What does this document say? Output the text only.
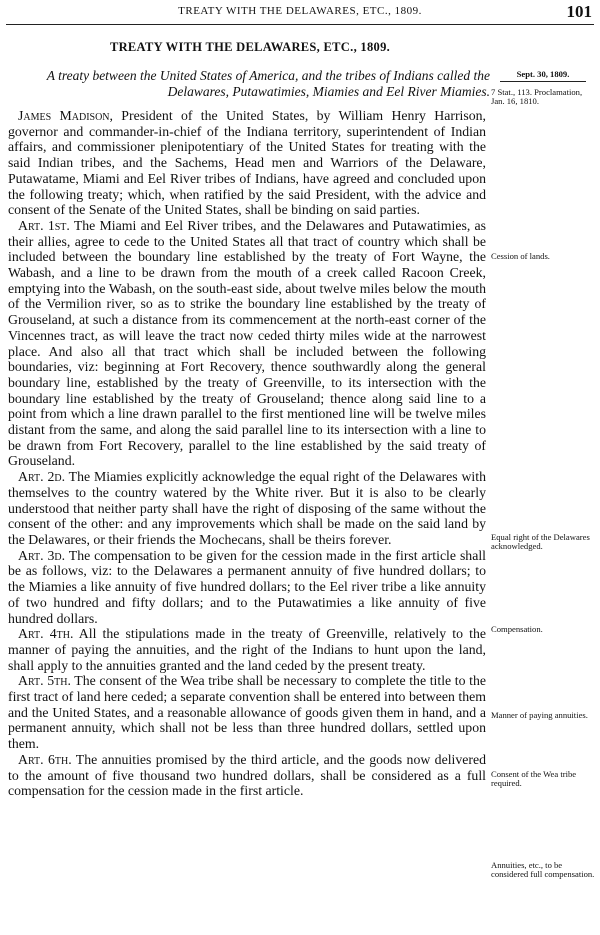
TREATY WITH THE DELAWARES, ETC., 1809.	101
TREATY WITH THE DELAWARES, ETC., 1809.
A treaty between the United States of America, and the tribes of Indians called the Delawares, Putawatimies, Miamies and Eel River Miamies.
Sept. 30, 1809.
7 Stat., 113. Proclamation, Jan. 16, 1810.
Cession of lands.
Equal right of the Delawares acknowledged.
Compensation.
Manner of paying annuities.
Consent of the Wea tribe required.
Annuities, etc., to be considered full compensation.

James Madison, President of the United States, by William Henry Harrison, governor and commander-in-chief of the Indiana territory, superintendent of Indian affairs, and commissioner plenipotentiary of the United States for treating with the said Indian tribes, and the Sachems, Head men and Warriors of the Delaware, Putawatame, Miami and Eel River tribes of Indians, have agreed and concluded upon the following treaty; which, when ratified by the said President, with the advice and consent of the Senate of the United States, shall be binding on said parties.

Art. 1st. The Miami and Eel River tribes, and the Delawares and Putawatimies, as their allies, agree to cede to the United States all that tract of country which shall be included between the boundary line established by the treaty of Fort Wayne, the Wabash, and a line to be drawn from the mouth of a creek called Racoon Creek, emptying into the Wabash, on the south-east side, about twelve miles below the mouth of the Vermilion river, so as to strike the boundary line established by the treaty of Grouseland, at such a distance from its commencement at the north-east corner of the Vincennes tract, as will leave the tract now ceded thirty miles wide at the narrowest place. And also all that tract which shall be included between the following boundaries, viz: beginning at Fort Recovery, thence southwardly along the general boundary line, established by the treaty of Greenville, to its intersection with the boundary line established by the treaty of Grouseland; thence along said line to a point from which a line drawn parallel to the first mentioned line will be twelve miles distant from the same, and along the said parallel line to its intersection with a line to be drawn from Fort Recovery, parallel to the line established by the said treaty of Grouseland.

Art. 2d. The Miamies explicitly acknowledge the equal right of the Delawares with themselves to the country watered by the White river. But it is also to be clearly understood that neither party shall have the right of disposing of the same without the consent of the other: and any improvements which shall be made on the said land by the Delawares, or their friends the Mochecans, shall be theirs forever.

Art. 3d. The compensation to be given for the cession made in the first article shall be as follows, viz: to the Delawares a permanent annuity of five hundred dollars; to the Miamies a like annuity of five hundred dollars; to the Eel river tribe a like annuity of two hundred and fifty dollars; and to the Putawatimies a like annuity of five hundred dollars.

Art. 4th. All the stipulations made in the treaty of Greenville, relatively to the manner of paying the annuities, and the right of the Indians to hunt upon the land, shall apply to the annuities granted and the land ceded by the present treaty.

Art. 5th. The consent of the Wea tribe shall be necessary to complete the title to the first tract of land here ceded; a separate convention shall be entered into between them and the United States, and a reasonable allowance of goods given them in hand, and a permanent annuity, which shall not be less than three hundred dollars, settled upon them.

Art. 6th. The annuities promised by the third article, and the goods now delivered to the amount of five thousand two hundred dollars, shall be considered as a full compensation for the cession made in the first article.
